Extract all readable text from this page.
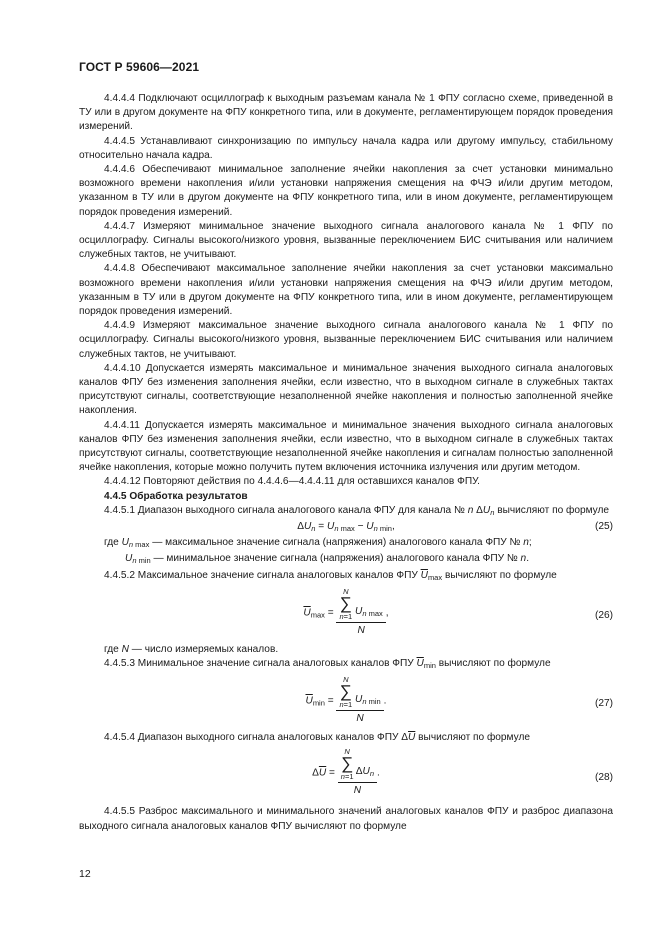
ГОСТ Р 59606—2021

4.4.4.4 Подключают осциллограф к выходным разъемам канала № 1 ФПУ согласно схеме, приведенной в ТУ или в другом документе на ФПУ конкретного типа, или в документе, регламентирующем порядок проведения измерений.

4.4.4.5 Устанавливают синхронизацию по импульсу начала кадра или другому импульсу, стабильному относительно начала кадра.

4.4.4.6 Обеспечивают минимальное заполнение ячейки накопления за счет установки минимально возможного времени накопления и/или установки напряжения смещения на ФЧЭ и/или другим методом, указанном в ТУ или в другом документе на ФПУ конкретного типа, или в ином документе, регламентирующем порядок проведения измерений.

4.4.4.7 Измеряют минимальное значение выходного сигнала аналогового канала № 1 ФПУ по осциллографу. Сигналы высокого/низкого уровня, вызванные переключением БИС считывания или наличием служебных тактов, не учитывают.

4.4.4.8 Обеспечивают максимальное заполнение ячейки накопления за счет установки максимально возможного времени накопления и/или установки напряжения смещения на ФЧЭ и/или другим методом, указанным в ТУ или в другом документе на ФПУ конкретного типа, или в ином документе, регламентирующем порядок проведения измерений.

4.4.4.9 Измеряют максимальное значение выходного сигнала аналогового канала № 1 ФПУ по осциллографу. Сигналы высокого/низкого уровня, вызванные переключением БИС считывания или наличием служебных тактов, не учитывают.

4.4.4.10 Допускается измерять максимальное и минимальное значения выходного сигнала аналоговых каналов ФПУ без изменения заполнения ячейки, если известно, что в выходном сигнале в служебных тактах присутствуют сигналы, соответствующие незаполненной ячейке накопления и полностью заполненной ячейке накопления.

4.4.4.11 Допускается измерять максимальное и минимальное значения выходного сигнала аналоговых каналов ФПУ без изменения заполнения ячейки, если известно, что в выходном сигнале в служебных тактах присутствуют сигналы, соответствующие незаполненной ячейке накопления и сигналам полностью заполненной ячейке накопления, которые можно получить путем включения источника излучения или другим методом.

4.4.4.12 Повторяют действия по 4.4.4.6—4.4.4.11 для оставшихся каналов ФПУ.

4.4.5 Обработка результатов

4.4.5.1 Диапазон выходного сигнала аналогового канала ФПУ для канала № n $\Delta U_n$ вычисляют по формуле

$\Delta U_n = U_{n max} - U_{n min}$,	(25)

где $U_{n max}$ — максимальное значение сигнала (напряжения) аналогового канала ФПУ № n;

$U_{n min}$ — минимальное значение сигнала (напряжения) аналогового канала ФПУ № n.

4.4.5.2 Максимальное значение сигнала аналоговых каналов ФПУ $\overline{U}_{max}$ вычисляют по формуле

$\overline{U}_{max} = N$
∑
n=1 $U_{n max}$
N ,	(26)

где N — число измеряемых каналов.

4.4.5.3 Минимальное значение сигнала аналоговых каналов ФПУ $\overline{U}_{min}$ вычисляют по формуле

$\overline{U}_{min} = N$
∑
n=1 $U_{n min}$
N .	(27)

4.4.5.4 Диапазон выходного сигнала аналоговых каналов ФПУ $\Delta\overline{U}$ вычисляют по формуле

$\Delta\overline{U} = N$
∑
n=1 $\Delta U_n$
N .	(28)

4.4.5.5 Разброс максимального и минимального значений аналоговых каналов ФПУ и разброс диапазона выходного сигнала аналоговых каналов ФПУ вычисляют по формуле

12
